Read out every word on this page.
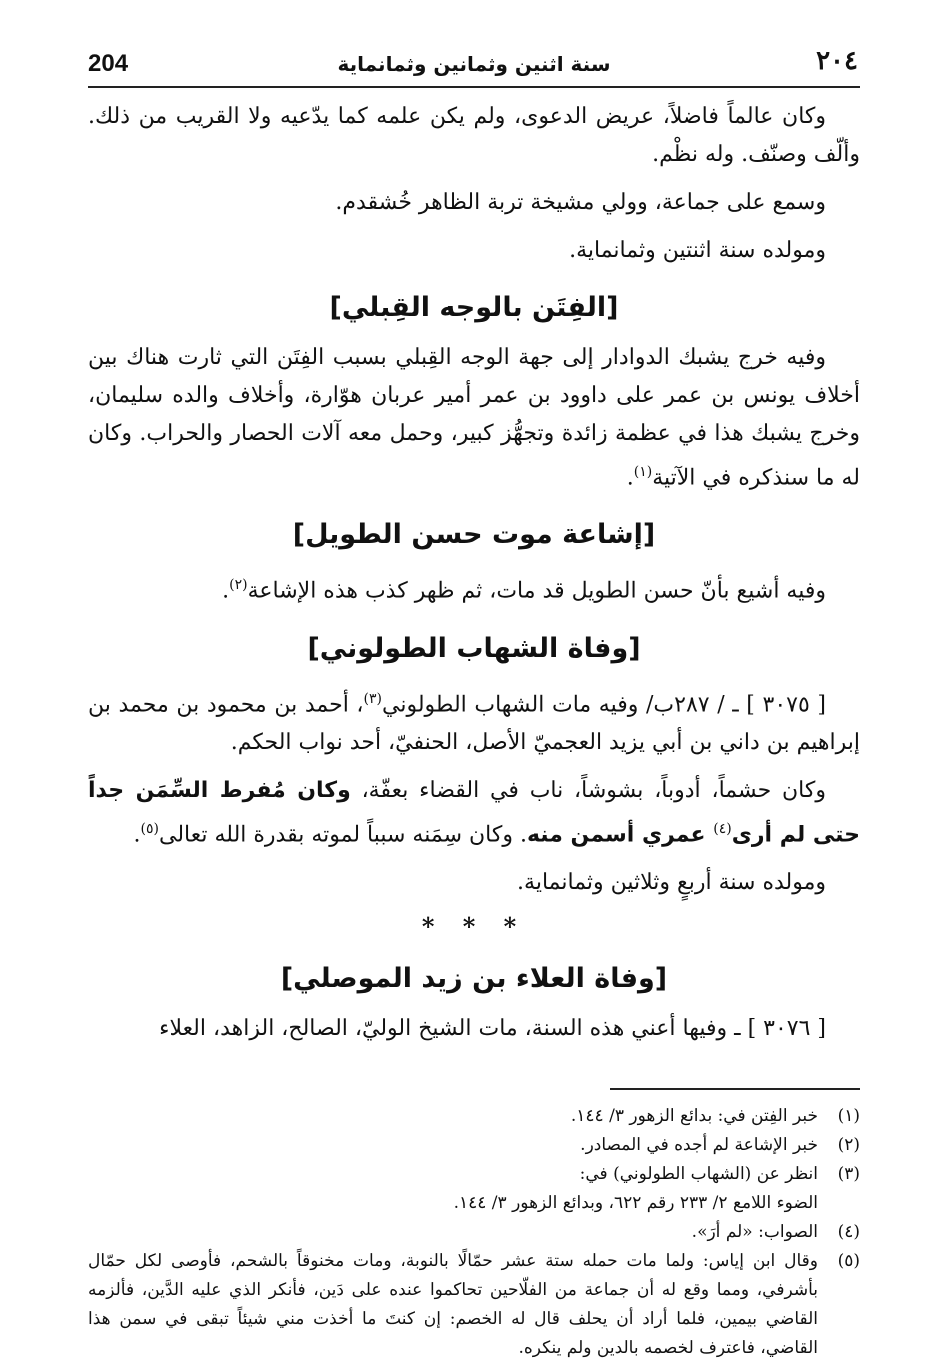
٢٠٤
سنة اثنين وثمانين وثمانماية
204

وكان عالماً فاضلاً، عريض الدعوى، ولم يكن علمه كما يدّعيه ولا القريب من ذلك. وألّف وصنّف. وله نظْم.

وسمع على جماعة، وولي مشيخة تربة الظاهر خُشقدم.

ومولده سنة اثنتين وثمانماية.

[الفِتَن بالوجه القِبلي]

وفيه خرج يشبك الدوادار إلى جهة الوجه القِبلي بسبب الفِتَن التي ثارت هناك بين أخلاف يونس بن عمر على داوود بن عمر أمير عربان هوّارة، وأخلاف والده سليمان، وخرج يشبك هذا في عظمة زائدة وتجهُّز كبير، وحمل معه آلات الحصار والحراب. وكان له ما سنذكره في الآتية$^{(١)}$.

[إشاعة موت حسن الطويل]

وفيه أشيع بأنّ حسن الطويل قد مات، ثم ظهر كذب هذه الإشاعة$^{(٢)}$.

[وفاة الشهاب الطولوني]

[ ٣٠٧٥ ] ـ / ٢٨٧ب/ وفيه مات الشهاب الطولوني$^{(٣)}$، أحمد بن محمود بن محمد بن إبراهيم بن داني بن أبي يزيد العجميّ الأصل، الحنفيّ، أحد نواب الحكم.

وكان حشماً، أدوباً، بشوشاً، ناب في القضاء بعفّة، وكان مُفرط السِّمَن جداً حتى لم أرى$^{(٤)}$ عمري أسمن منه. وكان سِمَنه سبباً لموته بقدرة الله تعالى$^{(٥)}$.

ومولده سنة أربعٍ وثلاثين وثمانماية.

* * *
[وفاة العلاء بن زيد الموصلي]

[ ٣٠٧٦ ] ـ وفيها أعني هذه السنة، مات الشيخ الوليّ، الصالح، الزاهد، العلاء

(١)
خبر الفِتن في: بدائع الزهور ٣/ ١٤٤.
(٢)
خبر الإشاعة لم أجده في المصادر.
(٣)
انظر عن (الشهاب الطولوني) في:
الضوء اللامع ٢/ ٢٣٣ رقم ٦٢٢، وبدائع الزهور ٣/ ١٤٤.
(٤)
الصواب: «لم أرَ».
(٥)
وقال ابن إياس: ولما مات حمله ستة عشر حمّالًا بالنوبة، ومات مخنوقاً بالشحم، فأوصى لكل حمّال بأشرفي، ومما وقع له أن جماعة من الفلّاحين تحاكموا عنده على دَين، فأنكر الذي عليه الدَّين، فألزمه القاضي بيمين، فلما أراد أن يحلف قال له الخصم: إن كنتَ ما أخذت مني شيئاً تبقى في سمن هذا القاضي، فاعترف لخصمه بالدين ولم ينكره.
